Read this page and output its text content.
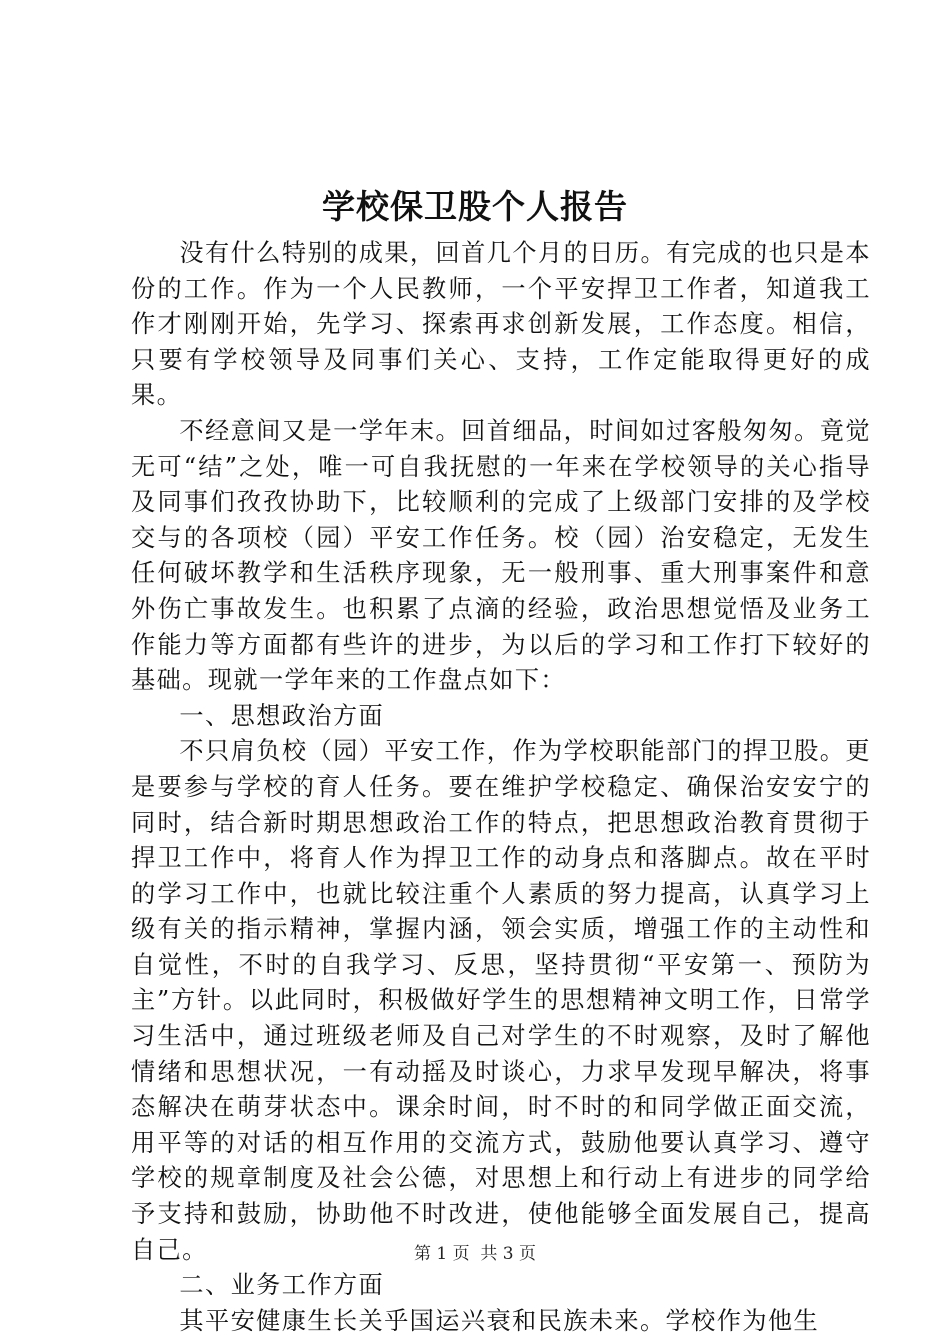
学校保卫股个人报告

没有什么特别的成果，回首几个月的日历。有完成的也只是本份的工作。作为一个人民教师，一个平安捍卫工作者，知道我工作才刚刚开始，先学习、探索再求创新发展，工作态度。相信，只要有学校领导及同事们关心、支持，工作定能取得更好的成果。

不经意间又是一学年末。回首细品，时间如过客般匆匆。竟觉无可“结”之处，唯一可自我抚慰的一年来在学校领导的关心指导及同事们孜孜协助下，比较顺利的完成了上级部门安排的及学校交与的各项校（园）平安工作任务。校（园）治安稳定，无发生任何破坏教学和生活秩序现象，无一般刑事、重大刑事案件和意外伤亡事故发生。也积累了点滴的经验，政治思想觉悟及业务工作能力等方面都有些许的进步，为以后的学习和工作打下较好的基础。现就一学年来的工作盘点如下：

一、思想政治方面

不只肩负校（园）平安工作，作为学校职能部门的捍卫股。更是要参与学校的育人任务。要在维护学校稳定、确保治安安宁的同时，结合新时期思想政治工作的特点，把思想政治教育贯彻于捍卫工作中，将育人作为捍卫工作的动身点和落脚点。故在平时的学习工作中，也就比较注重个人素质的努力提高，认真学习上级有关的指示精神，掌握内涵，领会实质，增强工作的主动性和自觉性，不时的自我学习、反思，坚持贯彻“平安第一、预防为主”方针。以此同时，积极做好学生的思想精神文明工作，日常学习生活中，通过班级老师及自己对学生的不时观察，及时了解他情绪和思想状况，一有动摇及时谈心，力求早发现早解决，将事态解决在萌芽状态中。课余时间，时不时的和同学做正面交流，用平等的对话的相互作用的交流方式，鼓励他要认真学习、遵守学校的规章制度及社会公德，对思想上和行动上有进步的同学给予支持和鼓励，协助他不时改进，使他能够全面发展自己，提高自己。

二、业务工作方面

其平安健康生长关乎国运兴衰和民族未来。学校作为他生

第 1 页  共 3 页
